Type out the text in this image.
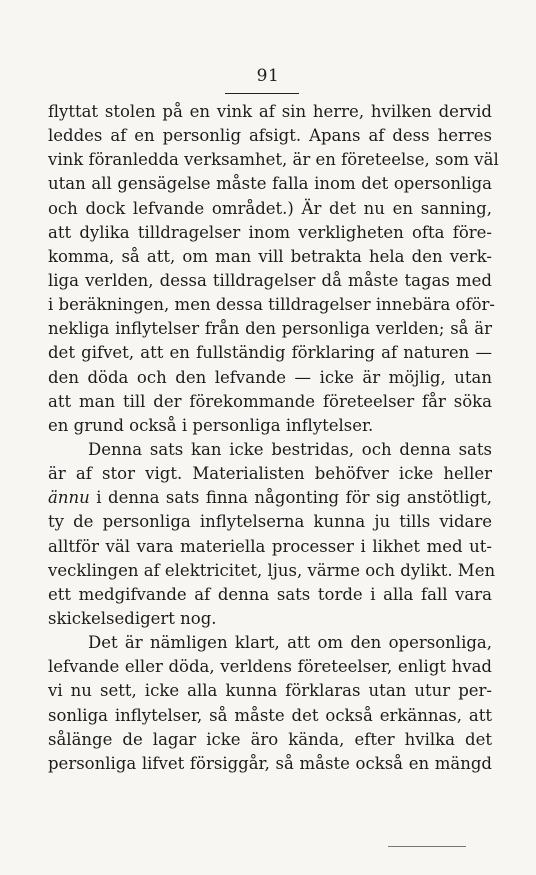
91
flyttat stolen på en vink af sin herre, hvilken dervid
leddes af en personlig afsigt. Apans af dess herres
vink föranledda verksamhet, är en företeelse, som väl
utan all gensägelse måste falla inom det opersonliga
och dock lefvande området.) Är det nu en sanning,
att dylika tilldragelser inom verkligheten ofta före-
komma, så att, om man vill betrakta hela den verk-
liga verlden, dessa tilldragelser då måste tagas med
i beräkningen, men dessa tilldragelser innebära oför-
nekliga inflytelser från den personliga verlden; så är
det gifvet, att en fullständig förklaring af naturen —
den döda och den lefvande — icke är möjlig, utan
att man till der förekommande företeelser får söka
en grund också i personliga inflytelser.
Denna sats kan icke bestridas, och denna sats
är af stor vigt. Materialisten behöfver icke heller
ännu i denna sats finna någonting för sig anstötligt,
ty de personliga inflytelserna kunna ju tills vidare
alltför väl vara materiella processer i likhet med ut-
vecklingen af elektricitet, ljus, värme och dylikt. Men
ett medgifvande af denna sats torde i alla fall vara
skickelsedigert nog.
Det är nämligen klart, att om den opersonliga,
lefvande eller döda, verldens företeelser, enligt hvad
vi nu sett, icke alla kunna förklaras utan utur per-
sonliga inflytelser, så måste det också erkännas, att
sålänge de lagar icke äro kända, efter hvilka det
personliga lifvet försiggår, så måste också en mängd
